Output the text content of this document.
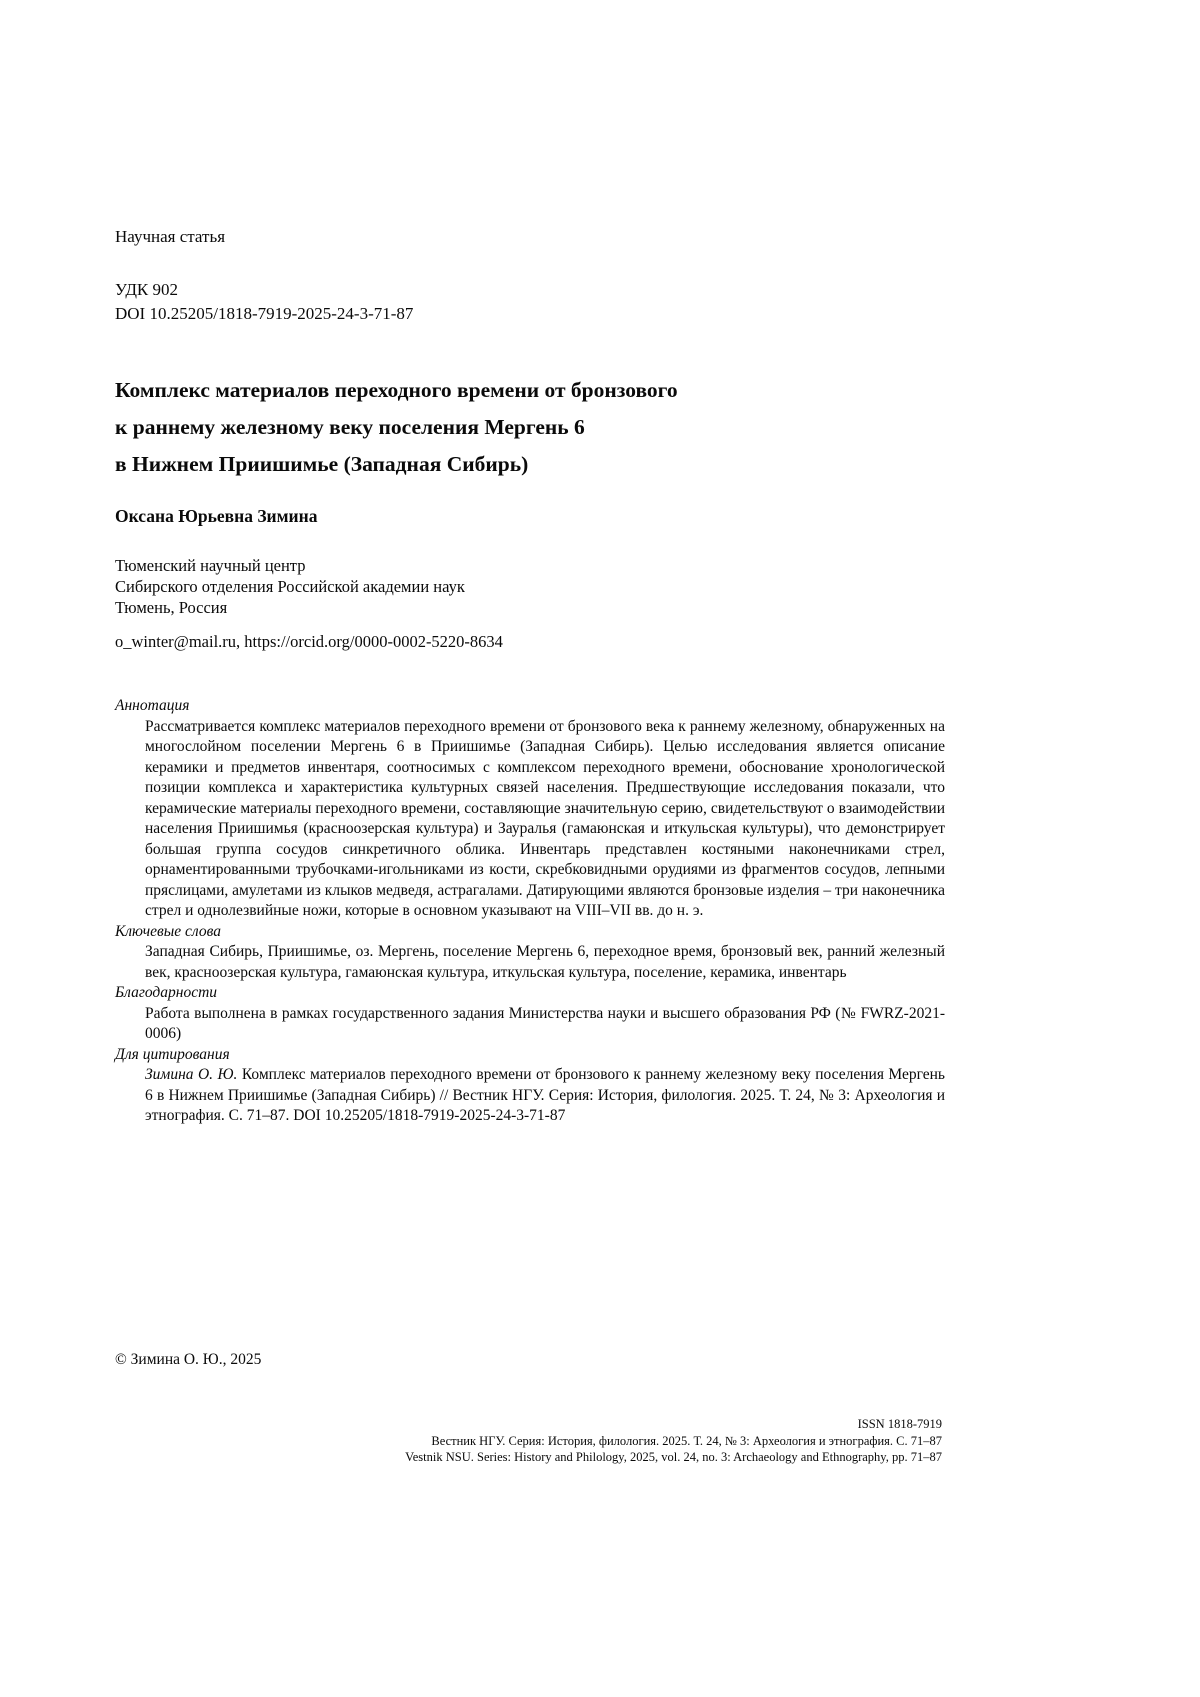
Научная статья

УДК 902

DOI 10.25205/1818-7919-2025-24-3-71-87

Комплекс материалов переходного времени от бронзового
к раннему железному веку поселения Мергень 6
в Нижнем Приишимье (Западная Сибирь)

Оксана Юрьевна Зимина

Тюменский научный центр
Сибирского отделения Российской академии наук
Тюмень, Россия

o_winter@mail.ru, https://orcid.org/0000-0002-5220-8634

Аннотация

Рассматривается комплекс материалов переходного времени от бронзового века к раннему железному, обнаруженных на многослойном поселении Мергень 6 в Приишимье (Западная Сибирь). Целью исследования является описание керамики и предметов инвентаря, соотносимых с комплексом переходного времени, обоснование хронологической позиции комплекса и характеристика культурных связей населения. Предшествующие исследования показали, что керамические материалы переходного времени, составляющие значительную серию, свидетельствуют о взаимодействии населения Приишимья (красноозерская культура) и Зауралья (гамаюнская и иткульская культуры), что демонстрирует большая группа сосудов синкретичного облика. Инвентарь представлен костяными наконечниками стрел, орнаментированными трубочками-игольниками из кости, скребковидными орудиями из фрагментов сосудов, лепными пряслицами, амулетами из клыков медведя, астрагалами. Датирующими являются бронзовые изделия – три наконечника стрел и однолезвийные ножи, которые в основном указывают на VIII–VII вв. до н. э.

Ключевые слова

Западная Сибирь, Приишимье, оз. Мергень, поселение Мергень 6, переходное время, бронзовый век, ранний железный век, красноозерская культура, гамаюнская культура, иткульская культура, поселение, керамика, инвентарь

Благодарности

Работа выполнена в рамках государственного задания Министерства науки и высшего образования РФ (№ FWRZ-2021-0006)

Для цитирования

Зимина О. Ю. Комплекс материалов переходного времени от бронзового к раннему железному веку поселения Мергень 6 в Нижнем Приишимье (Западная Сибирь) // Вестник НГУ. Серия: История, филология. 2025. Т. 24, № 3: Археология и этнография. С. 71–87. DOI 10.25205/1818-7919-2025-24-3-71-87

© Зимина О. Ю., 2025

ISSN 1818-7919
Вестник НГУ. Серия: История, филология. 2025. Т. 24, № 3: Археология и этнография. С. 71–87
Vestnik NSU. Series: History and Philology, 2025, vol. 24, no. 3: Archaeology and Ethnography, pp. 71–87
